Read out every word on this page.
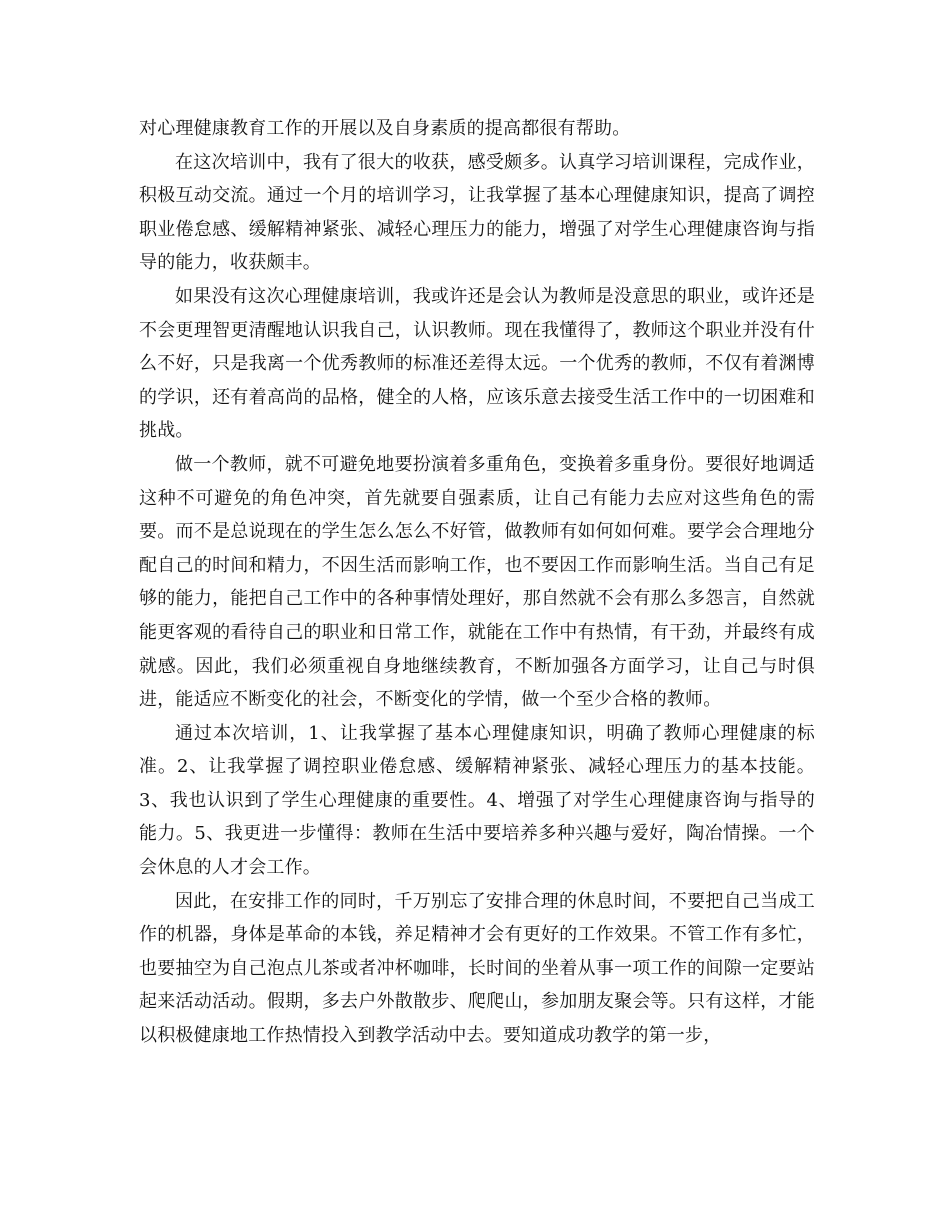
对心理健康教育工作的开展以及自身素质的提高都很有帮助。

在这次培训中，我有了很大的收获，感受颇多。认真学习培训课程，完成作业，积极互动交流。通过一个月的培训学习，让我掌握了基本心理健康知识，提高了调控职业倦怠感、缓解精神紧张、减轻心理压力的能力，增强了对学生心理健康咨询与指导的能力，收获颇丰。

如果没有这次心理健康培训，我或许还是会认为教师是没意思的职业，或许还是不会更理智更清醒地认识我自己，认识教师。现在我懂得了，教师这个职业并没有什么不好，只是我离一个优秀教师的标准还差得太远。一个优秀的教师，不仅有着渊博的学识，还有着高尚的品格，健全的人格，应该乐意去接受生活工作中的一切困难和挑战。

做一个教师，就不可避免地要扮演着多重角色，变换着多重身份。要很好地调适这种不可避免的角色冲突，首先就要自强素质，让自己有能力去应对这些角色的需要。而不是总说现在的学生怎么怎么不好管，做教师有如何如何难。要学会合理地分配自己的时间和精力，不因生活而影响工作，也不要因工作而影响生活。当自己有足够的能力，能把自己工作中的各种事情处理好，那自然就不会有那么多怨言，自然就能更客观的看待自己的职业和日常工作，就能在工作中有热情，有干劲，并最终有成就感。因此，我们必须重视自身地继续教育，不断加强各方面学习，让自己与时俱进，能适应不断变化的社会，不断变化的学情，做一个至少合格的教师。

通过本次培训，1、让我掌握了基本心理健康知识，明确了教师心理健康的标准。2、让我掌握了调控职业倦怠感、缓解精神紧张、减轻心理压力的基本技能。3、我也认识到了学生心理健康的重要性。4、增强了对学生心理健康咨询与指导的能力。5、我更进一步懂得：教师在生活中要培养多种兴趣与爱好，陶冶情操。一个会休息的人才会工作。

因此，在安排工作的同时，千万别忘了安排合理的休息时间，不要把自己当成工作的机器，身体是革命的本钱，养足精神才会有更好的工作效果。不管工作有多忙，也要抽空为自己泡点儿茶或者冲杯咖啡，长时间的坐着从事一项工作的间隙一定要站起来活动活动。假期，多去户外散散步、爬爬山，参加朋友聚会等。只有这样，才能以积极健康地工作热情投入到教学活动中去。要知道成功教学的第一步，
